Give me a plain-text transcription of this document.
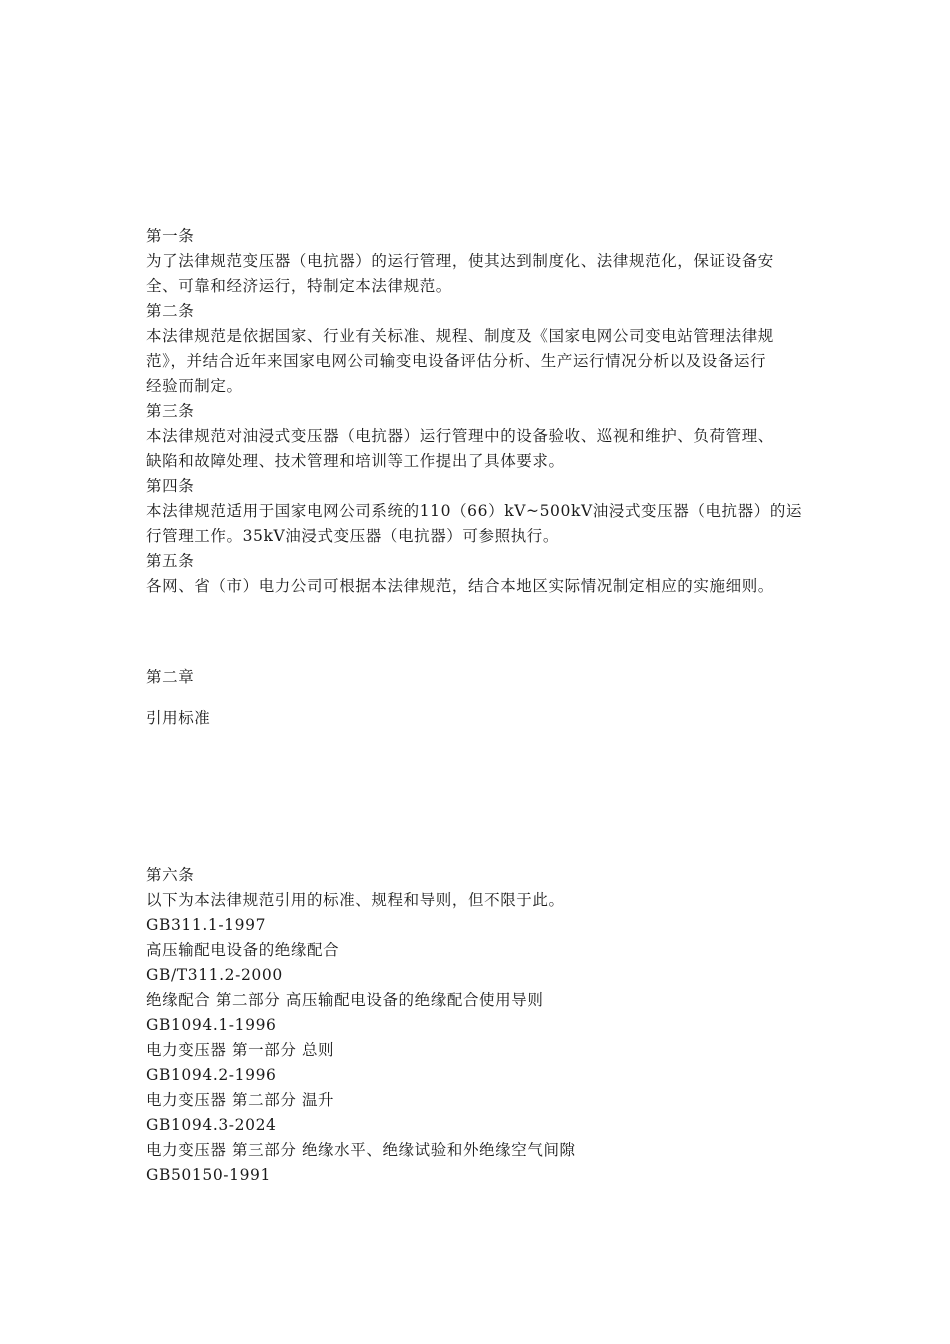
第一条
为了法律规范变压器（电抗器）的运行管理，使其达到制度化、法律规范化，保证设备安
全、可靠和经济运行，特制定本法律规范。
第二条
本法律规范是依据国家、行业有关标准、规程、制度及《国家电网公司变电站管理法律规
范》，并结合近年来国家电网公司输变电设备评估分析、生产运行情况分析以及设备运行
经验而制定。
第三条
本法律规范对油浸式变压器（电抗器）运行管理中的设备验收、巡视和维护、负荷管理、
缺陷和故障处理、技术管理和培训等工作提出了具体要求。
第四条
本法律规范适用于国家电网公司系统的110（66）kV~500kV油浸式变压器（电抗器）的运
行管理工作。35kV油浸式变压器（电抗器）可参照执行。
第五条
各网、省（市）电力公司可根据本法律规范，结合本地区实际情况制定相应的实施细则。
第二章
引用标准
第六条
以下为本法律规范引用的标准、规程和导则，但不限于此。
GB311.1-1997
高压输配电设备的绝缘配合
GB/T311.2-2000
绝缘配合 第二部分 高压输配电设备的绝缘配合使用导则
GB1094.1-1996
电力变压器 第一部分 总则
GB1094.2-1996
电力变压器 第二部分 温升
GB1094.3-2024
电力变压器 第三部分 绝缘水平、绝缘试验和外绝缘空气间隙
GB50150-1991
